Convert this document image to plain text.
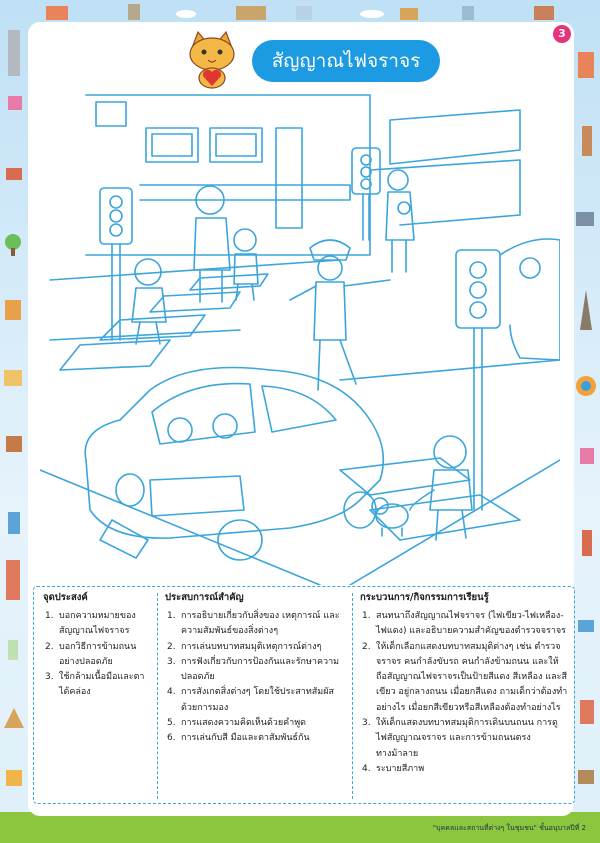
"บุคคลและสถานที่ต่างๆ ในชุมชน" ชั้นอนุบาลปีที่ 2
3
สัญญาณไฟจราจร
จุดประสงค์
1. บอกความหมายของสัญญาณไฟจราจร
2. บอกวิธีการข้ามถนนอย่างปลอดภัย
3. ใช้กล้ามเนื้อมือและตาได้คล่อง
ประสบการณ์สำคัญ
1. การอธิบายเกี่ยวกับสิ่งของ เหตุการณ์ และความสัมพันธ์ของสิ่งต่างๆ
2. การเล่นบทบาทสมมุติเหตุการณ์ต่างๆ
3. การฟังเกี่ยวกับการป้องกันและรักษาความปลอดภัย
4. การสังเกตสิ่งต่างๆ โดยใช้ประสาทสัมผัสด้วยการมอง
5. การแสดงความคิดเห็นด้วยคำพูด
6. การเล่นกับสี มือและตาสัมพันธ์กัน
กระบวนการ/กิจกรรมการเรียนรู้
1. สนทนาถึงสัญญาณไฟจราจร (ไฟเขียว-ไฟเหลือง-ไฟแดง) และอธิบายความสำคัญของตำรวจจราจร
2. ให้เด็กเลือกแสดงบทบาทสมมุติต่างๆ เช่น ตำรวจจราจร คนกำลังขับรถ คนกำลังข้ามถนน และให้ถือสัญญาณไฟจราจรเป็นป้ายสีแดง สีเหลือง และสีเขียว อยู่กลางถนน เมื่อยกสีแดง ถามเด็กว่าต้องทำอย่างไร เมื่อยกสีเขียวหรือสีเหลืองต้องทำอย่างไร
3. ให้เด็กแสดงบทบาทสมมุติการเดินบนถนน การดูไฟสัญญาณจราจร และการข้ามถนนตรงทางม้าลาย
4. ระบายสีภาพ
